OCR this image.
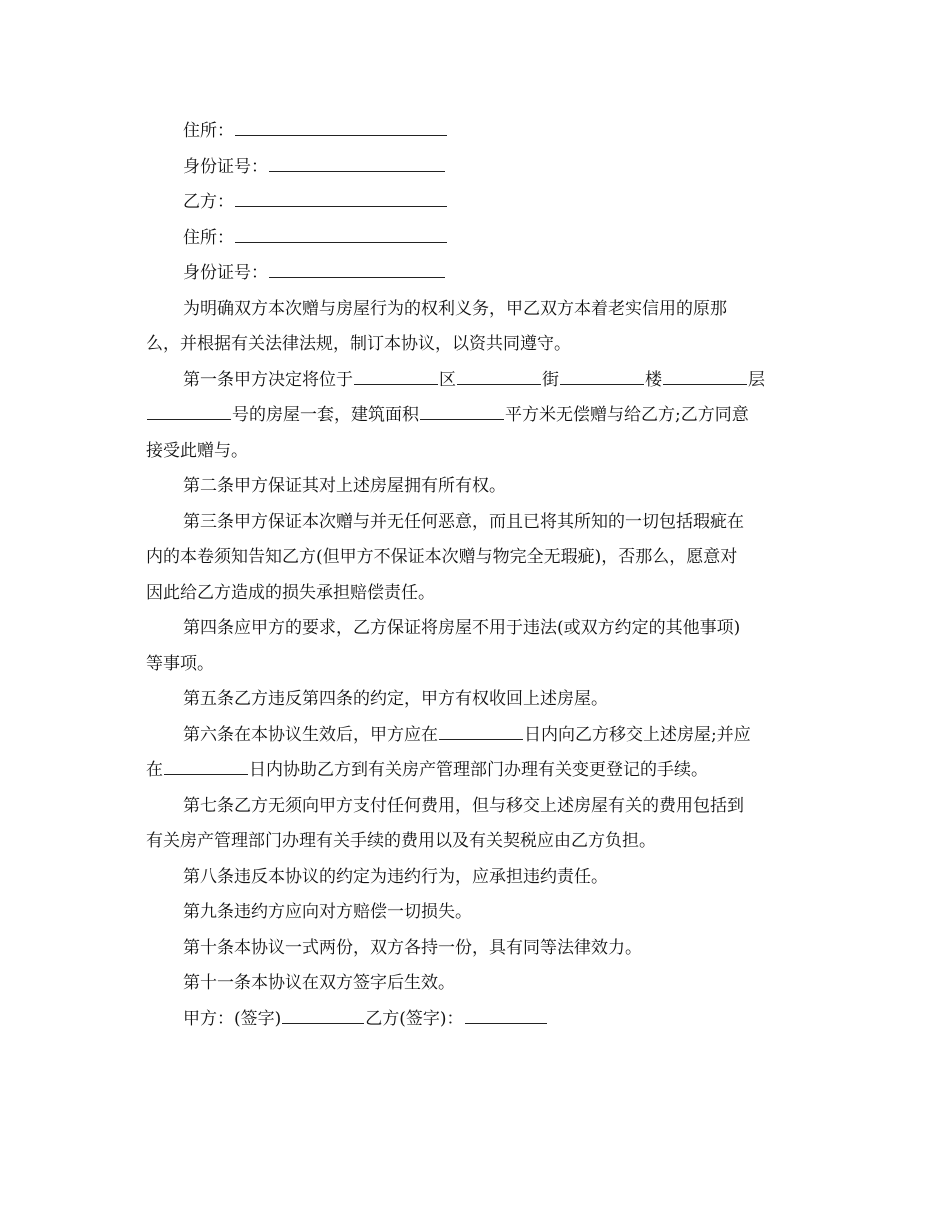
住所：
身份证号：
乙方：
住所：
身份证号：
为明确双方本次赠与房屋行为的权利义务，甲乙双方本着老实信用的原那
么，并根据有关法律法规，制订本协议，以资共同遵守。
第一条甲方决定将位于	区	街	楼	层
号的房屋一套，建筑面积	平方米无偿赠与给乙方;乙方同意
接受此赠与。
第二条甲方保证其对上述房屋拥有所有权。
第三条甲方保证本次赠与并无任何恶意，而且已将其所知的一切包括瑕疵在
内的本卷须知告知乙方(但甲方不保证本次赠与物完全无瑕疵)，否那么，愿意对
因此给乙方造成的损失承担赔偿责任。
第四条应甲方的要求，乙方保证将房屋不用于违法(或双方约定的其他事项)
等事项。
第五条乙方违反第四条的约定，甲方有权收回上述房屋。
第六条在本协议生效后，甲方应在	日内向乙方移交上述房屋;并应
在	日内协助乙方到有关房产管理部门办理有关变更登记的手续。
第七条乙方无须向甲方支付任何费用，但与移交上述房屋有关的费用包括到
有关房产管理部门办理有关手续的费用以及有关契税应由乙方负担。
第八条违反本协议的约定为违约行为，应承担违约责任。
第九条违约方应向对方赔偿一切损失。
第十条本协议一式两份，双方各持一份，具有同等法律效力。
第十一条本协议在双方签字后生效。
甲方：(签字)	乙方(签字)：
